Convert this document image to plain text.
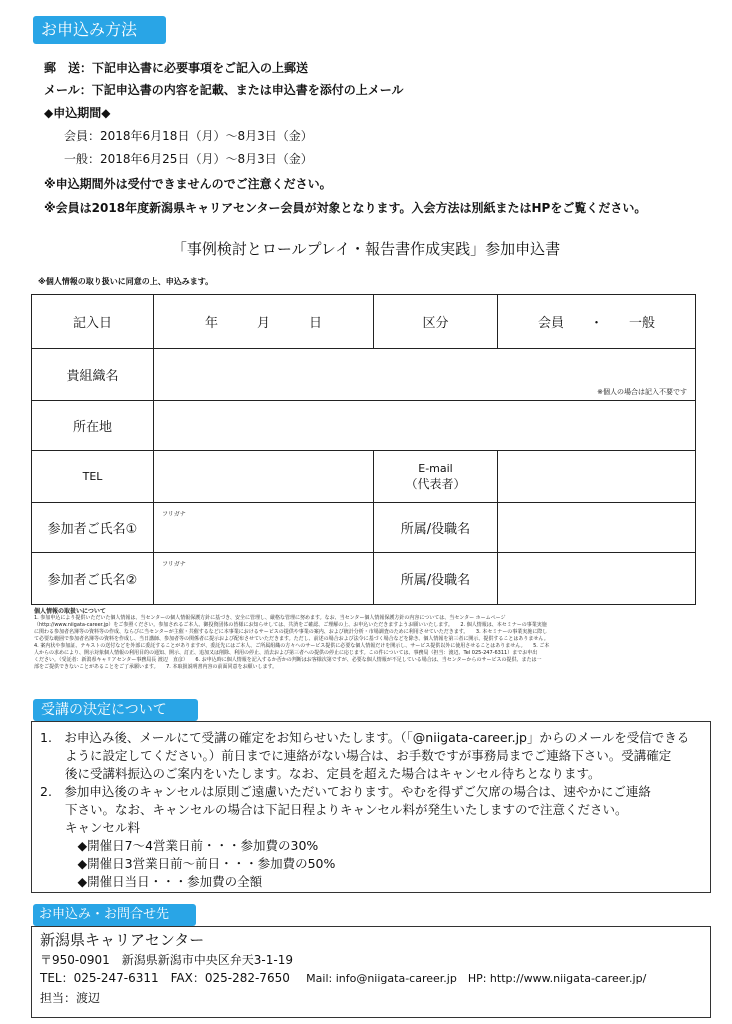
お申込み方法
郵　送：下記申込書に必要事項をご記入の上郵送
メール：下記申込書の内容を記載、または申込書を添付の上メール
◆申込期間◆
会員：2018年6月18日（月）～8月3日（金）
一般：2018年6月25日（月）～8月3日（金）
※申込期間外は受付できませんのでご注意ください。
※会員は2018年度新潟県キャリアセンター会員が対象となります。入会方法は別紙またはHPをご覧ください。
「事例検討とロールプレイ・報告書作成実践」参加申込書
※個人情報の取り扱いに同意の上、申込みます。
記入日	年　　　月　　　日	区分	会員　　・　　一般
貴組織名	※個人の場合は記入不要です		

所在地			
TEL		E-mail
（代表者）	

参加者ご氏名①	フリガナ	所属/役職名	
参加者ご氏名②	フリガナ	所属/役職名	
個人情報の取扱いについて
1. 参加申込により提供いただいた個人情報は、当センターの個人情報保護方針に基づき、安全に管理し、厳格な管理に努めます。なお、当センター個人情報保護方針の内容については、当センター ホームページ
（http://www.niigata-career.jp）をご参照ください。参加されるご本人、御投資団体の皆様にお知らせしては、共済をご確認、ご理解の上、お申込いただきますようお願いいたします。　　2. 個人情報は、本セミナーの事業実施
に関わる参加者名簿等の資料等の作成、ならびに当センターが主催・共催するなどに本事業におけるサービスの提供や事業の案内、および統計分析・市場調査のために利用させていただきます。　　3. 本セミナーの事業実施に際し
て必要な範囲で参加者名簿等の資料を作成し、当日講師、参加者等の関係者に提示および配布させていただきます。ただし、前述の場合および法令に基づく場合などを除き、個人情報を第三者に開示、提供することはありません。
4. 案内状や参加証、テキストの送付などを外部に委託することがありますが、委託先にはご本人、ご所属組織の方々へのサービス提供に必要な個人情報だけを開示し、サービス提供以外に使用させることはありません。　　5. ご本
人からの求めにより、開示対象個人情報の利用目的の通知、開示、訂正、追加又は削除、利用の停止、消去および第三者への提供の停止に応じます。この件については、事務局（担当：渡辺、Tel 025-247-6311）までお申出
ください。（受託者：新潟県キャリアセンター事務局長 渡辺　直彦）　　6. お申込時に個人情報を記入するか否かの判断はお客様次第ですが、必要な個人情報が不足している場合は、当センターからのサービスの提供、または一
部をご提供できないことがあることをご了承願います。　　7. 本取扱説明書内容の前面同意をお願いします。
受講の決定について
1.　お申込み後、メールにて受講の確定をお知らせいたします。（「@niigata-career.jp」からのメールを受信できる
　　ように設定してください。）前日までに連絡がない場合は、お手数ですが事務局までご連絡下さい。受講確定
　　後に受講料振込のご案内をいたします。なお、定員を超えた場合はキャンセル待ちとなります。
2.　参加申込後のキャンセルは原則ご遠慮いただいております。やむを得ずご欠席の場合は、速やかにご連絡
　　下さい。なお、キャンセルの場合は下記日程よりキャンセル料が発生いたしますので注意ください。
　　キャンセル料
　　　◆開催日7～4営業日前・・・参加費の30%
　　　◆開催日3営業日前～前日・・・参加費の50%
　　　◆開催日当日・・・参加費の全額
お申込み・お問合せ先
新潟県キャリアセンター
〒950-0901　新潟県新潟市中央区弁天3-1-19
TEL：025-247-6311　FAX：025-282-7650 Mail: info@niigata-career.jp　HP: http://www.niigata-career.jp/
担当：渡辺
